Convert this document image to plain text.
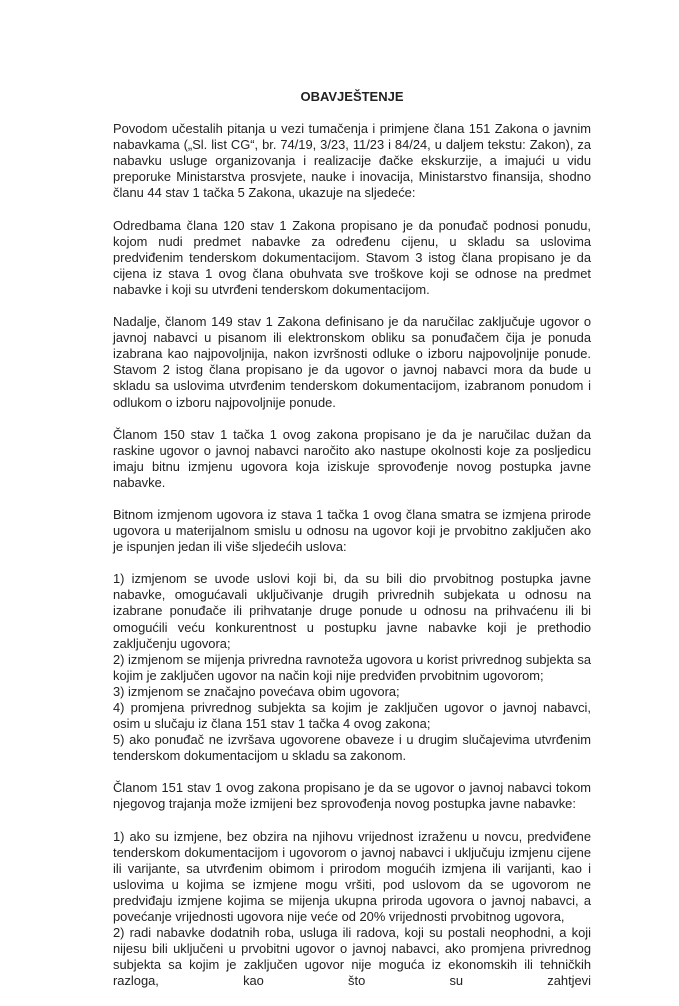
OBAVJEŠTENJE

Povodom učestalih pitanja u vezi tumačenja i primjene člana 151 Zakona o javnim nabavkama („Sl. list CG“, br. 74/19, 3/23, 11/23 i 84/24, u daljem tekstu: Zakon), za nabavku usluge organizovanja i realizacije đačke ekskurzije, a imajući u vidu preporuke Ministarstva prosvjete, nauke i inovacija, Ministarstvo finansija, shodno članu 44 stav 1 tačka 5 Zakona, ukazuje na sljedeće:

Odredbama člana 120 stav 1 Zakona propisano je da ponuđač podnosi ponudu, kojom nudi predmet nabavke za određenu cijenu, u skladu sa uslovima predviđenim tenderskom dokumentacijom. Stavom 3 istog člana propisano je da cijena iz stava 1 ovog člana obuhvata sve troškove koji se odnose na predmet nabavke i koji su utvrđeni tenderskom dokumentacijom.

Nadalje, članom 149 stav 1 Zakona definisano je da naručilac zaključuje ugovor o javnoj nabavci u pisanom ili elektronskom obliku sa ponuđačem čija je ponuda izabrana kao najpovoljnija, nakon izvršnosti odluke o izboru najpovoljnije ponude. Stavom 2 istog člana propisano je da ugovor o javnoj nabavci mora da bude u skladu sa uslovima utvrđenim tenderskom dokumentacijom, izabranom ponudom i odlukom o izboru najpovoljnije ponude.

Članom 150 stav 1 tačka 1 ovog zakona propisano je da je naručilac dužan da raskine ugovor o javnoj nabavci naročito ako nastupe okolnosti koje za posljedicu imaju bitnu izmjenu ugovora koja iziskuje sprovođenje novog postupka javne nabavke.

Bitnom izmjenom ugovora iz stava 1 tačka 1 ovog člana smatra se izmjena prirode ugovora u materijalnom smislu u odnosu na ugovor koji je prvobitno zaključen ako je ispunjen jedan ili više sljedećih uslova:

1) izmjenom se uvode uslovi koji bi, da su bili dio prvobitnog postupka javne nabavke, omogućavali uključivanje drugih privrednih subjekata u odnosu na izabrane ponuđače ili prihvatanje druge ponude u odnosu na prihvaćenu ili bi omogućili veću konkurentnost u postupku javne nabavke koji je prethodio zaključenju ugovora;
2) izmjenom se mijenja privredna ravnoteža ugovora u korist privrednog subjekta sa kojim je zaključen ugovor na način koji nije predviđen prvobitnim ugovorom;
3) izmjenom se značajno povećava obim ugovora;
4) promjena privrednog subjekta sa kojim je zaključen ugovor o javnoj nabavci, osim u slučaju iz člana 151 stav 1 tačka 4 ovog zakona;
5) ako ponuđač ne izvršava ugovorene obaveze i u drugim slučajevima utvrđenim tenderskom dokumentacijom u skladu sa zakonom.

Članom 151 stav 1 ovog zakona propisano je da se ugovor o javnoj nabavci tokom njegovog trajanja može izmijeni bez sprovođenja novog postupka javne nabavke:

1) ako su izmjene, bez obzira na njihovu vrijednost izraženu u novcu, predviđene tenderskom dokumentacijom i ugovorom o javnoj nabavci i uključuju izmjenu cijene ili varijante, sa utvrđenim obimom i prirodom mogućih izmjena ili varijanti, kao i uslovima u kojima se izmjene mogu vršiti, pod uslovom da se ugovorom ne predviđaju izmjene kojima se mijenja ukupna priroda ugovora o javnoj nabavci, a povećanje vrijednosti ugovora nije veće od 20% vrijednosti prvobitnog ugovora,
2) radi nabavke dodatnih roba, usluga ili radova, koji su postali neophodni, a koji nijesu bili uključeni u prvobitni ugovor o javnoj nabavci, ako promjena privrednog subjekta sa kojim je zaključen ugovor nije moguća iz ekonomskih ili tehničkih razloga, kao što su zahtjevi
